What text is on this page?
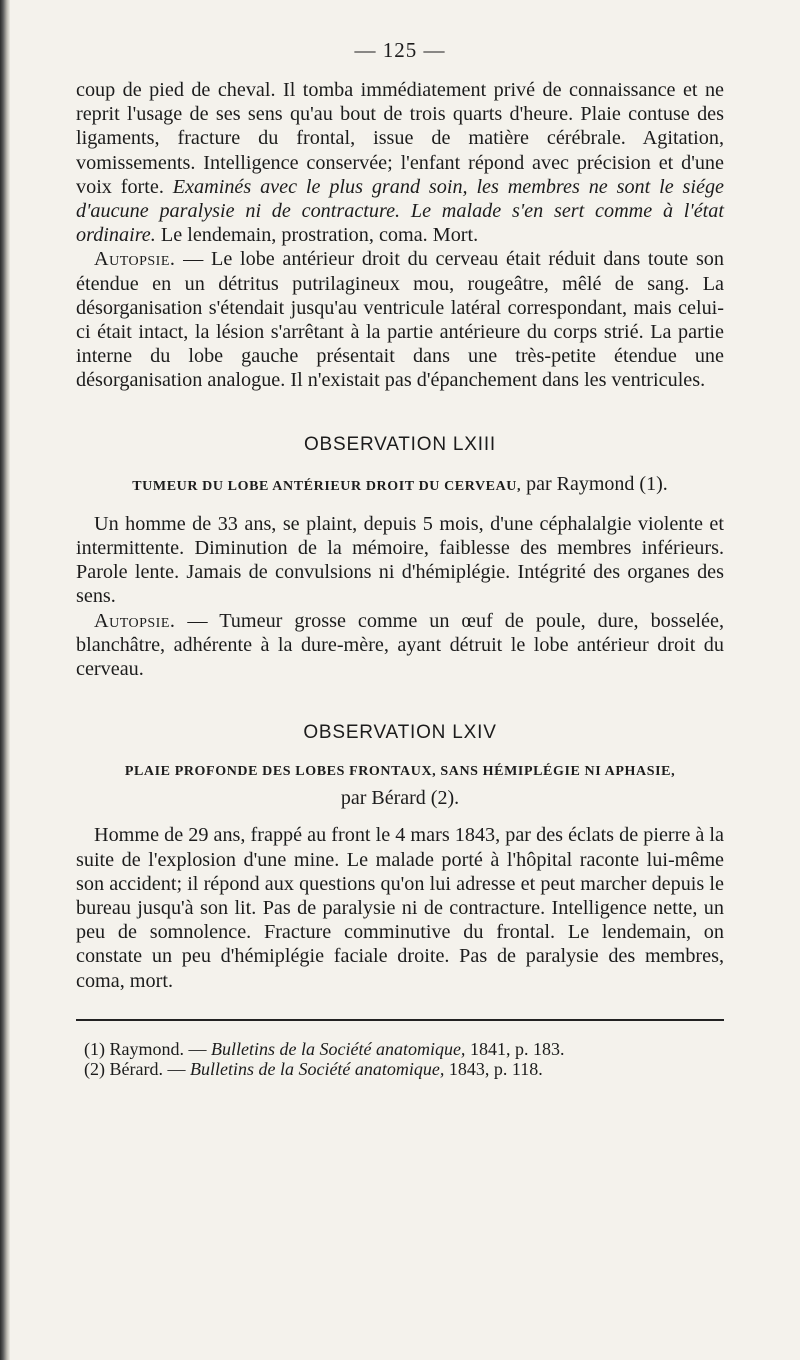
— 125 —

coup de pied de cheval. Il tomba immédiatement privé de connaissance et ne reprit l'usage de ses sens qu'au bout de trois quarts d'heure. Plaie contuse des ligaments, fracture du frontal, issue de matière cérébrale. Agitation, vomissements. Intelligence conservée; l'enfant répond avec précision et d'une voix forte. Examinés avec le plus grand soin, les membres ne sont le siége d'aucune paralysie ni de contracture. Le malade s'en sert comme à l'état ordinaire. Le lendemain, prostration, coma. Mort.

Autopsie. — Le lobe antérieur droit du cerveau était réduit dans toute son étendue en un détritus putrilagineux mou, rougeâtre, mêlé de sang. La désorganisation s'étendait jusqu'au ventricule latéral correspondant, mais celui-ci était intact, la lésion s'arrêtant à la partie antérieure du corps strié. La partie interne du lobe gauche présentait dans une très-petite étendue une désorganisation analogue. Il n'existait pas d'épanchement dans les ventricules.

OBSERVATION LXIII
TUMEUR DU LOBE ANTÉRIEUR DROIT DU CERVEAU, par Raymond (1).

Un homme de 33 ans, se plaint, depuis 5 mois, d'une céphalalgie violente et intermittente. Diminution de la mémoire, faiblesse des membres inférieurs. Parole lente. Jamais de convulsions ni d'hémiplégie. Intégrité des organes des sens.

Autopsie. — Tumeur grosse comme un œuf de poule, dure, bosselée, blanchâtre, adhérente à la dure-mère, ayant détruit le lobe antérieur droit du cerveau.

OBSERVATION LXIV
PLAIE PROFONDE DES LOBES FRONTAUX, SANS HÉMIPLÉGIE NI APHASIE,
par Bérard (2).

Homme de 29 ans, frappé au front le 4 mars 1843, par des éclats de pierre à la suite de l'explosion d'une mine. Le malade porté à l'hôpital raconte lui-même son accident; il répond aux questions qu'on lui adresse et peut marcher depuis le bureau jusqu'à son lit. Pas de paralysie ni de contracture. Intelligence nette, un peu de somnolence. Fracture comminutive du frontal. Le lendemain, on constate un peu d'hémiplégie faciale droite. Pas de paralysie des membres, coma, mort.

(1) Raymond. — Bulletins de la Société anatomique, 1841, p. 183.
(2) Bérard. — Bulletins de la Société anatomique, 1843, p. 118.
